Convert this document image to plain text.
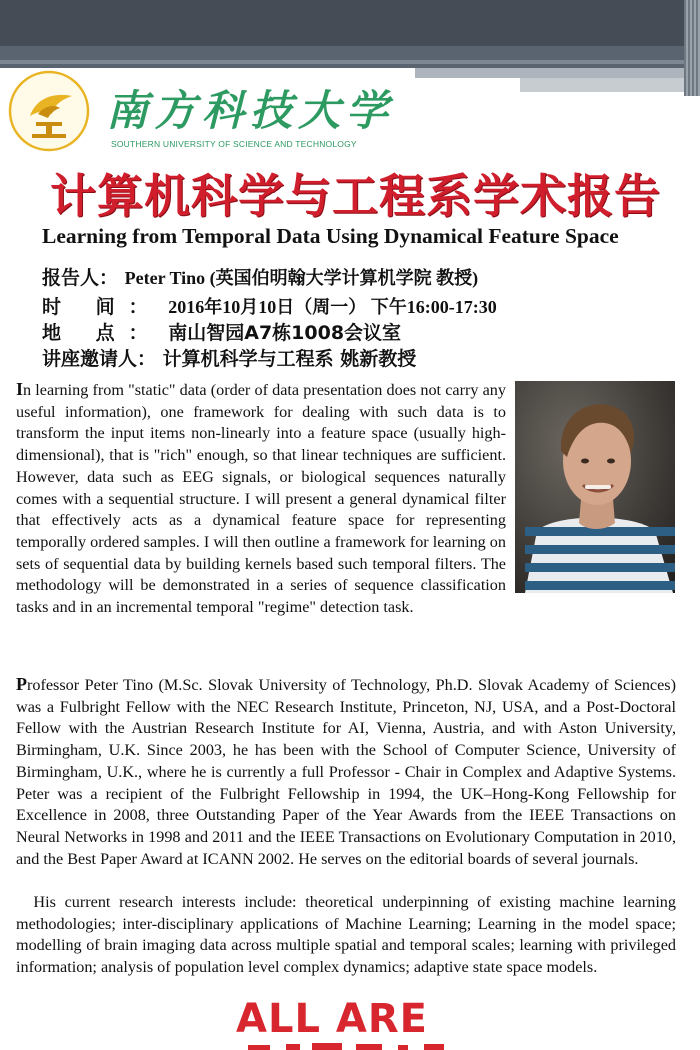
南方科技大学
SOUTHERN UNIVERSITY OF SCIENCE AND TECHNOLOGY
计算机科学与工程系学术报告
Learning from Temporal Data Using Dynamical Feature Space
报告人： Peter Tino (英国伯明翰大学计算机学院 教授)
时 间： 2016年10月10日（周一） 下午16:00-17:30
地 点： 南山智园A7栋1008会议室
讲座邀请人： 计算机科学与工程系 姚新教授

In learning from "static" data (order of data presentation does not carry any useful information), one framework for dealing with such data is to transform the input items non-linearly into a feature space (usually high-dimensional), that is "rich" enough, so that linear techniques are sufficient. However, data such as EEG signals, or biological sequences naturally comes with a sequential structure. I will present a general dynamical filter that effectively acts as a dynamical feature space for representing temporally ordered samples. I will then outline a framework for learning on sets of sequential data by building kernels based such temporal filters. The methodology will be demonstrated in a series of sequence classification tasks and in an incremental temporal "regime" detection task.

Professor Peter Tino (M.Sc. Slovak University of Technology, Ph.D. Slovak Academy of Sciences) was a Fulbright Fellow with the NEC Research Institute, Princeton, NJ, USA, and a Post-Doctoral Fellow with the Austrian Research Institute for AI, Vienna, Austria, and with Aston University, Birmingham, U.K. Since 2003, he has been with the School of Computer Science, University of Birmingham, U.K., where he is currently a full Professor - Chair in Complex and Adaptive Systems. Peter was a recipient of the Fulbright Fellowship in 1994, the UK–Hong-Kong Fellowship for Excellence in 2008, three Outstanding Paper of the Year Awards from the IEEE Transactions on Neural Networks in 1998 and 2011 and the IEEE Transactions on Evolutionary Computation in 2010, and the Best Paper Award at ICANN 2002. He serves on the editorial boards of several journals.

His current research interests include: theoretical underpinning of existing machine learning methodologies; inter-disciplinary applications of Machine Learning; Learning in the model space; modelling of brain imaging data across multiple spatial and temporal scales; learning with privileged information; analysis of population level complex dynamics; adaptive state space models.

ALL ARE
